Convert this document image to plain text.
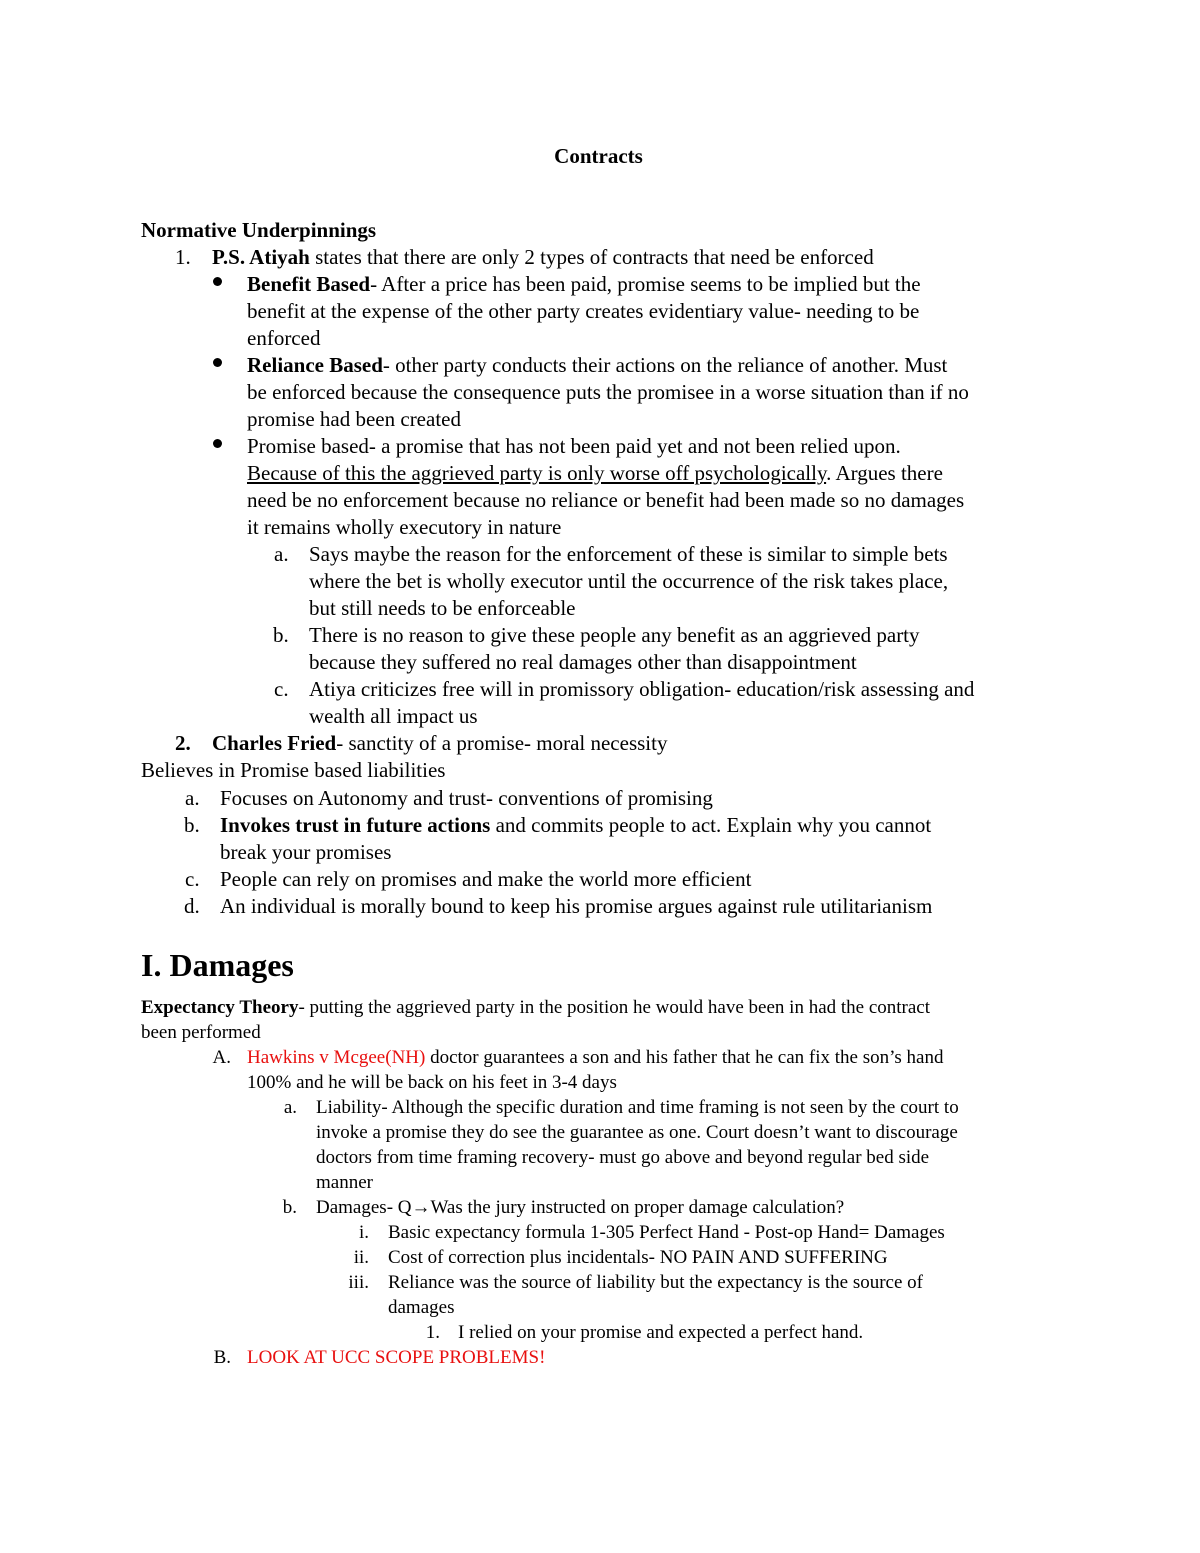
Contracts
Normative Underpinnings
1. P.S. Atiyah states that there are only 2 types of contracts that need be enforced
Benefit Based- After a price has been paid, promise seems to be implied but the
benefit at the expense of the other party creates evidentiary value- needing to be
enforced
Reliance Based- other party conducts their actions on the reliance of another. Must
be enforced because the consequence puts the promisee in a worse situation than if no
promise had been created
Promise based- a promise that has not been paid yet and not been relied upon.
Because of this the aggrieved party is only worse off psychologically. Argues there
need be no enforcement because no reliance or benefit had been made so no damages
it remains wholly executory in nature
a. Says maybe the reason for the enforcement of these is similar to simple bets
where the bet is wholly executor until the occurrence of the risk takes place,
but still needs to be enforceable
b. There is no reason to give these people any benefit as an aggrieved party
because they suffered no real damages other than disappointment
c. Atiya criticizes free will in promissory obligation- education/risk assessing and
wealth all impact us
2. Charles Fried- sanctity of a promise- moral necessity
Believes in Promise based liabilities
a. Focuses on Autonomy and trust- conventions of promising
b. Invokes trust in future actions and commits people to act. Explain why you cannot
break your promises
c. People can rely on promises and make the world more efficient
d. An individual is morally bound to keep his promise argues against rule utilitarianism
I. Damages
Expectancy Theory- putting the aggrieved party in the position he would have been in had the contract
been performed
A. Hawkins v Mcgee(NH) doctor guarantees a son and his father that he can fix the son’s hand
100% and he will be back on his feet in 3-4 days
a. Liability- Although the specific duration and time framing is not seen by the court to
invoke a promise they do see the guarantee as one. Court doesn’t want to discourage
doctors from time framing recovery- must go above and beyond regular bed side
manner
b. Damages- Q→Was the jury instructed on proper damage calculation?
i. Basic expectancy formula 1-305 Perfect Hand - Post-op Hand= Damages
ii. Cost of correction plus incidentals- NO PAIN AND SUFFERING
iii. Reliance was the source of liability but the expectancy is the source of
damages
1. I relied on your promise and expected a perfect hand.
B. LOOK AT UCC SCOPE PROBLEMS!
